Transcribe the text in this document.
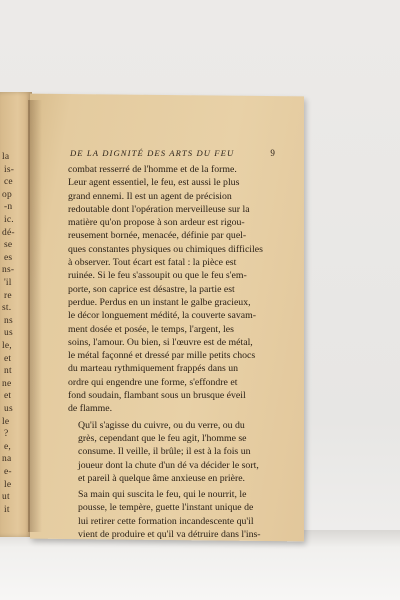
la
is-
ce
op
-n
ic.
dé-
se
es
ns-
'il
re
st.
ns
us
le,
et
nt
ne
et
us
le
?
e,
na
e-
le
ut
it
DE LA DIGNITÉ DES ARTS DU FEU	9
combat resserré de l'homme et de la forme.
Leur agent essentiel, le feu, est aussi le plus
grand ennemi. Il est un agent de précision
redoutable dont l'opération merveilleuse sur la
matière qu'on propose à son ardeur est rigou-
reusement bornée, menacée, définie par quel-
ques constantes physiques ou chimiques difficiles
à observer. Tout écart est fatal : la pièce est
ruinée. Si le feu s'assoupit ou que le feu s'em-
porte, son caprice est désastre, la partie est
perdue. Perdus en un instant le galbe gracieux,
le décor longuement médité, la couverte savam-
ment dosée et posée, le temps, l'argent, les
soins, l'amour. Ou bien, si l'œuvre est de métal,
le métal façonné et dressé par mille petits chocs
du marteau rythmiquement frappés dans un
ordre qui engendre une forme, s'effondre et
fond soudain, flambant sous un brusque éveil
de flamme.
Qu'il s'agisse du cuivre, ou du verre, ou du
grès, cependant que le feu agit, l'homme se
consume. Il veille, il brûle; il est à la fois un
joueur dont la chute d'un dé va décider le sort,
et pareil à quelque âme anxieuse en prière.
Sa main qui suscita le feu, qui le nourrit, le
pousse, le tempère, guette l'instant unique de
lui retirer cette formation incandescente qu'il
vient de produire et qu'il va détruire dans l'ins-
